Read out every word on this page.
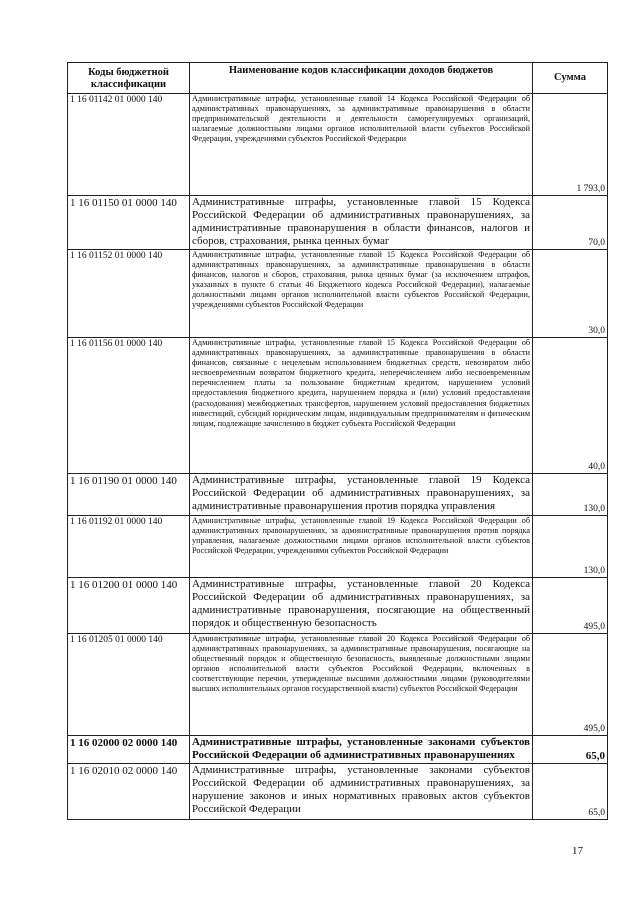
Коды бюджетной классификации	Наименование кодов классификации доходов бюджетов	Сумма
1 16 01142 01 0000 140	Административные штрафы, установленные главой 14 Кодекса Российской Федерации об административных правонарушениях, за административные правонарушения в области предпринимательской деятельности и деятельности саморегулируемых организаций, налагаемые должностными лицами органов исполнительной власти субъектов Российской Федерации, учреждениями субъектов Российской Федерации	1 793,0
1 16 01150 01 0000 140	Административные штрафы, установленные главой 15 Кодекса Российской Федерации об административных правонарушениях, за административные правонарушения в области финансов, налогов и сборов, страхования, рынка ценных бумаг	70,0
1 16 01152 01 0000 140	Административные штрафы, установленные главой 15 Кодекса Российской Федерации об административных правонарушениях, за административные правонарушения в области финансов, налогов и сборов, страхования, рынка ценных бумаг (за исключением штрафов, указанных в пункте 6 статьи 46 Бюджетного кодекса Российской Федерации), налагаемые должностными лицами органов исполнительной власти субъектов Российской Федерации, учреждениями субъектов Российской Федерации	30,0
1 16 01156 01 0000 140	Административные штрафы, установленные главой 15 Кодекса Российской Федерации об административных правонарушениях, за административные правонарушения в области финансов, связанные с нецелевым использованием бюджетных средств, невозвратом либо несвоевременным возвратом бюджетного кредита, неперечислением либо несвоевременным перечислением платы за пользование бюджетным кредитом, нарушением условий предоставления бюджетного кредита, нарушением порядка и (или) условий предоставления (расходования) межбюджетных трансфертов, нарушением условий предоставления бюджетных инвестиций, субсидий юридическим лицам, индивидуальным предпринимателям и физическим лицам, подлежащие зачислению в бюджет субъекта Российской Федерации	40,0
1 16 01190 01 0000 140	Административные штрафы, установленные главой 19 Кодекса Российской Федерации об административных правонарушениях, за административные правонарушения против порядка управления	130,0
1 16 01192 01 0000 140	Административные штрафы, установленные главой 19 Кодекса Российской Федерации об административных правонарушениях, за административные правонарушения против порядка управления, налагаемые должностными лицами органов исполнительной власти субъектов Российской Федерации, учреждениями субъектов Российской Федерации	130,0
1 16 01200 01 0000 140	Административные штрафы, установленные главой 20 Кодекса Российской Федерации об административных правонарушениях, за административные правонарушения, посягающие на общественный порядок и общественную безопасность	495,0
1 16 01205 01 0000 140	Административные штрафы, установленные главой 20 Кодекса Российской Федерации об административных правонарушениях, за административные правонарушения, посягающие на общественный порядок и общественную безопасность, выявленные должностными лицами органов исполнительной власти субъектов Российской Федерации, включенных в соответствующие перечни, утвержденные высшими должностными лицами (руководителями высших исполнительных органов государственной власти) субъектов Российской Федерации	495,0
1 16 02000 02 0000 140	Административные штрафы, установленные законами субъектов Российской Федерации об административных правонарушениях	65,0
1 16 02010 02 0000 140	Административные штрафы, установленные законами субъектов Российской Федерации об административных правонарушениях, за нарушение законов и иных нормативных правовых актов субъектов Российской Федерации	65,0
17
